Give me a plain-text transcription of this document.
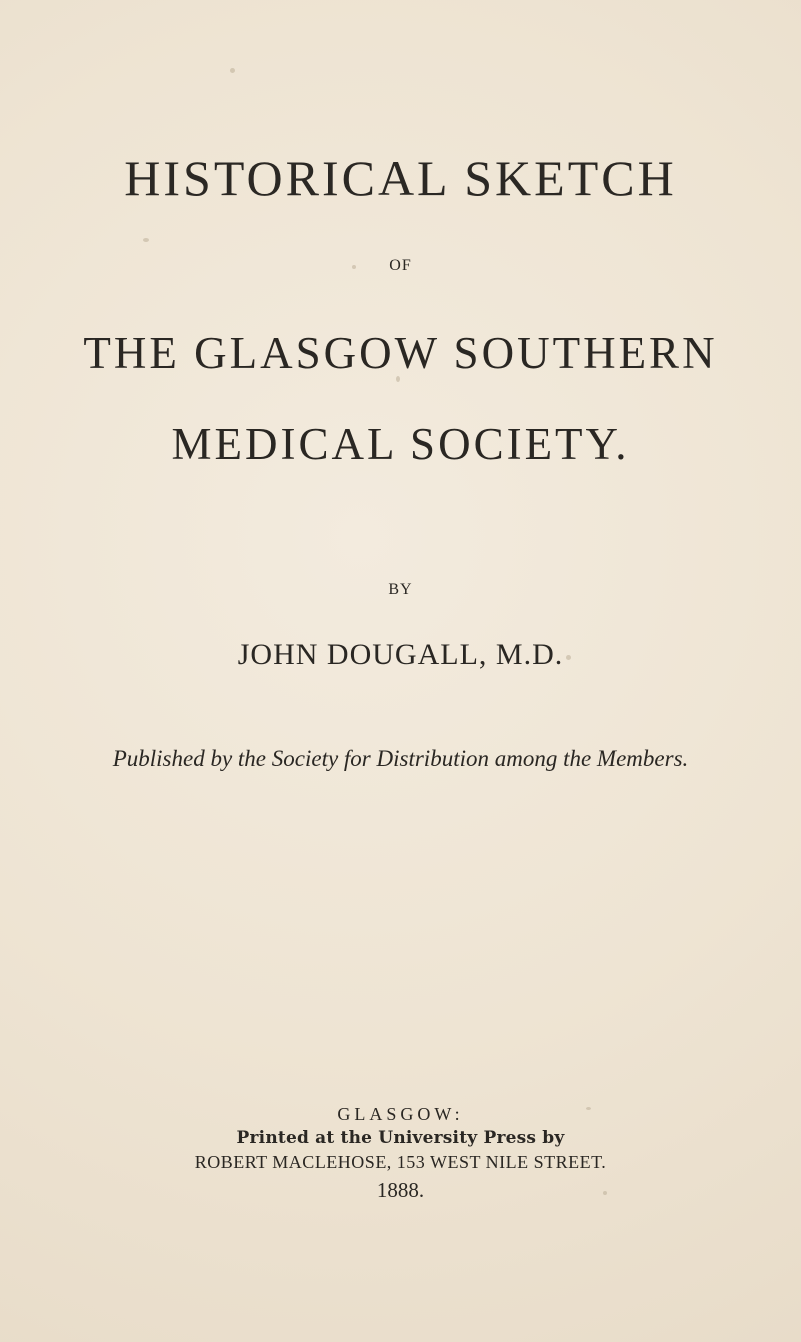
HISTORICAL SKETCH
OF
THE GLASGOW SOUTHERN
MEDICAL SOCIETY.
BY
JOHN DOUGALL, M.D.
Published by the Society for Distribution among the Members.
GLASGOW:
Printed at the University Press by
ROBERT MACLEHOSE, 153 WEST NILE STREET.
1888.
